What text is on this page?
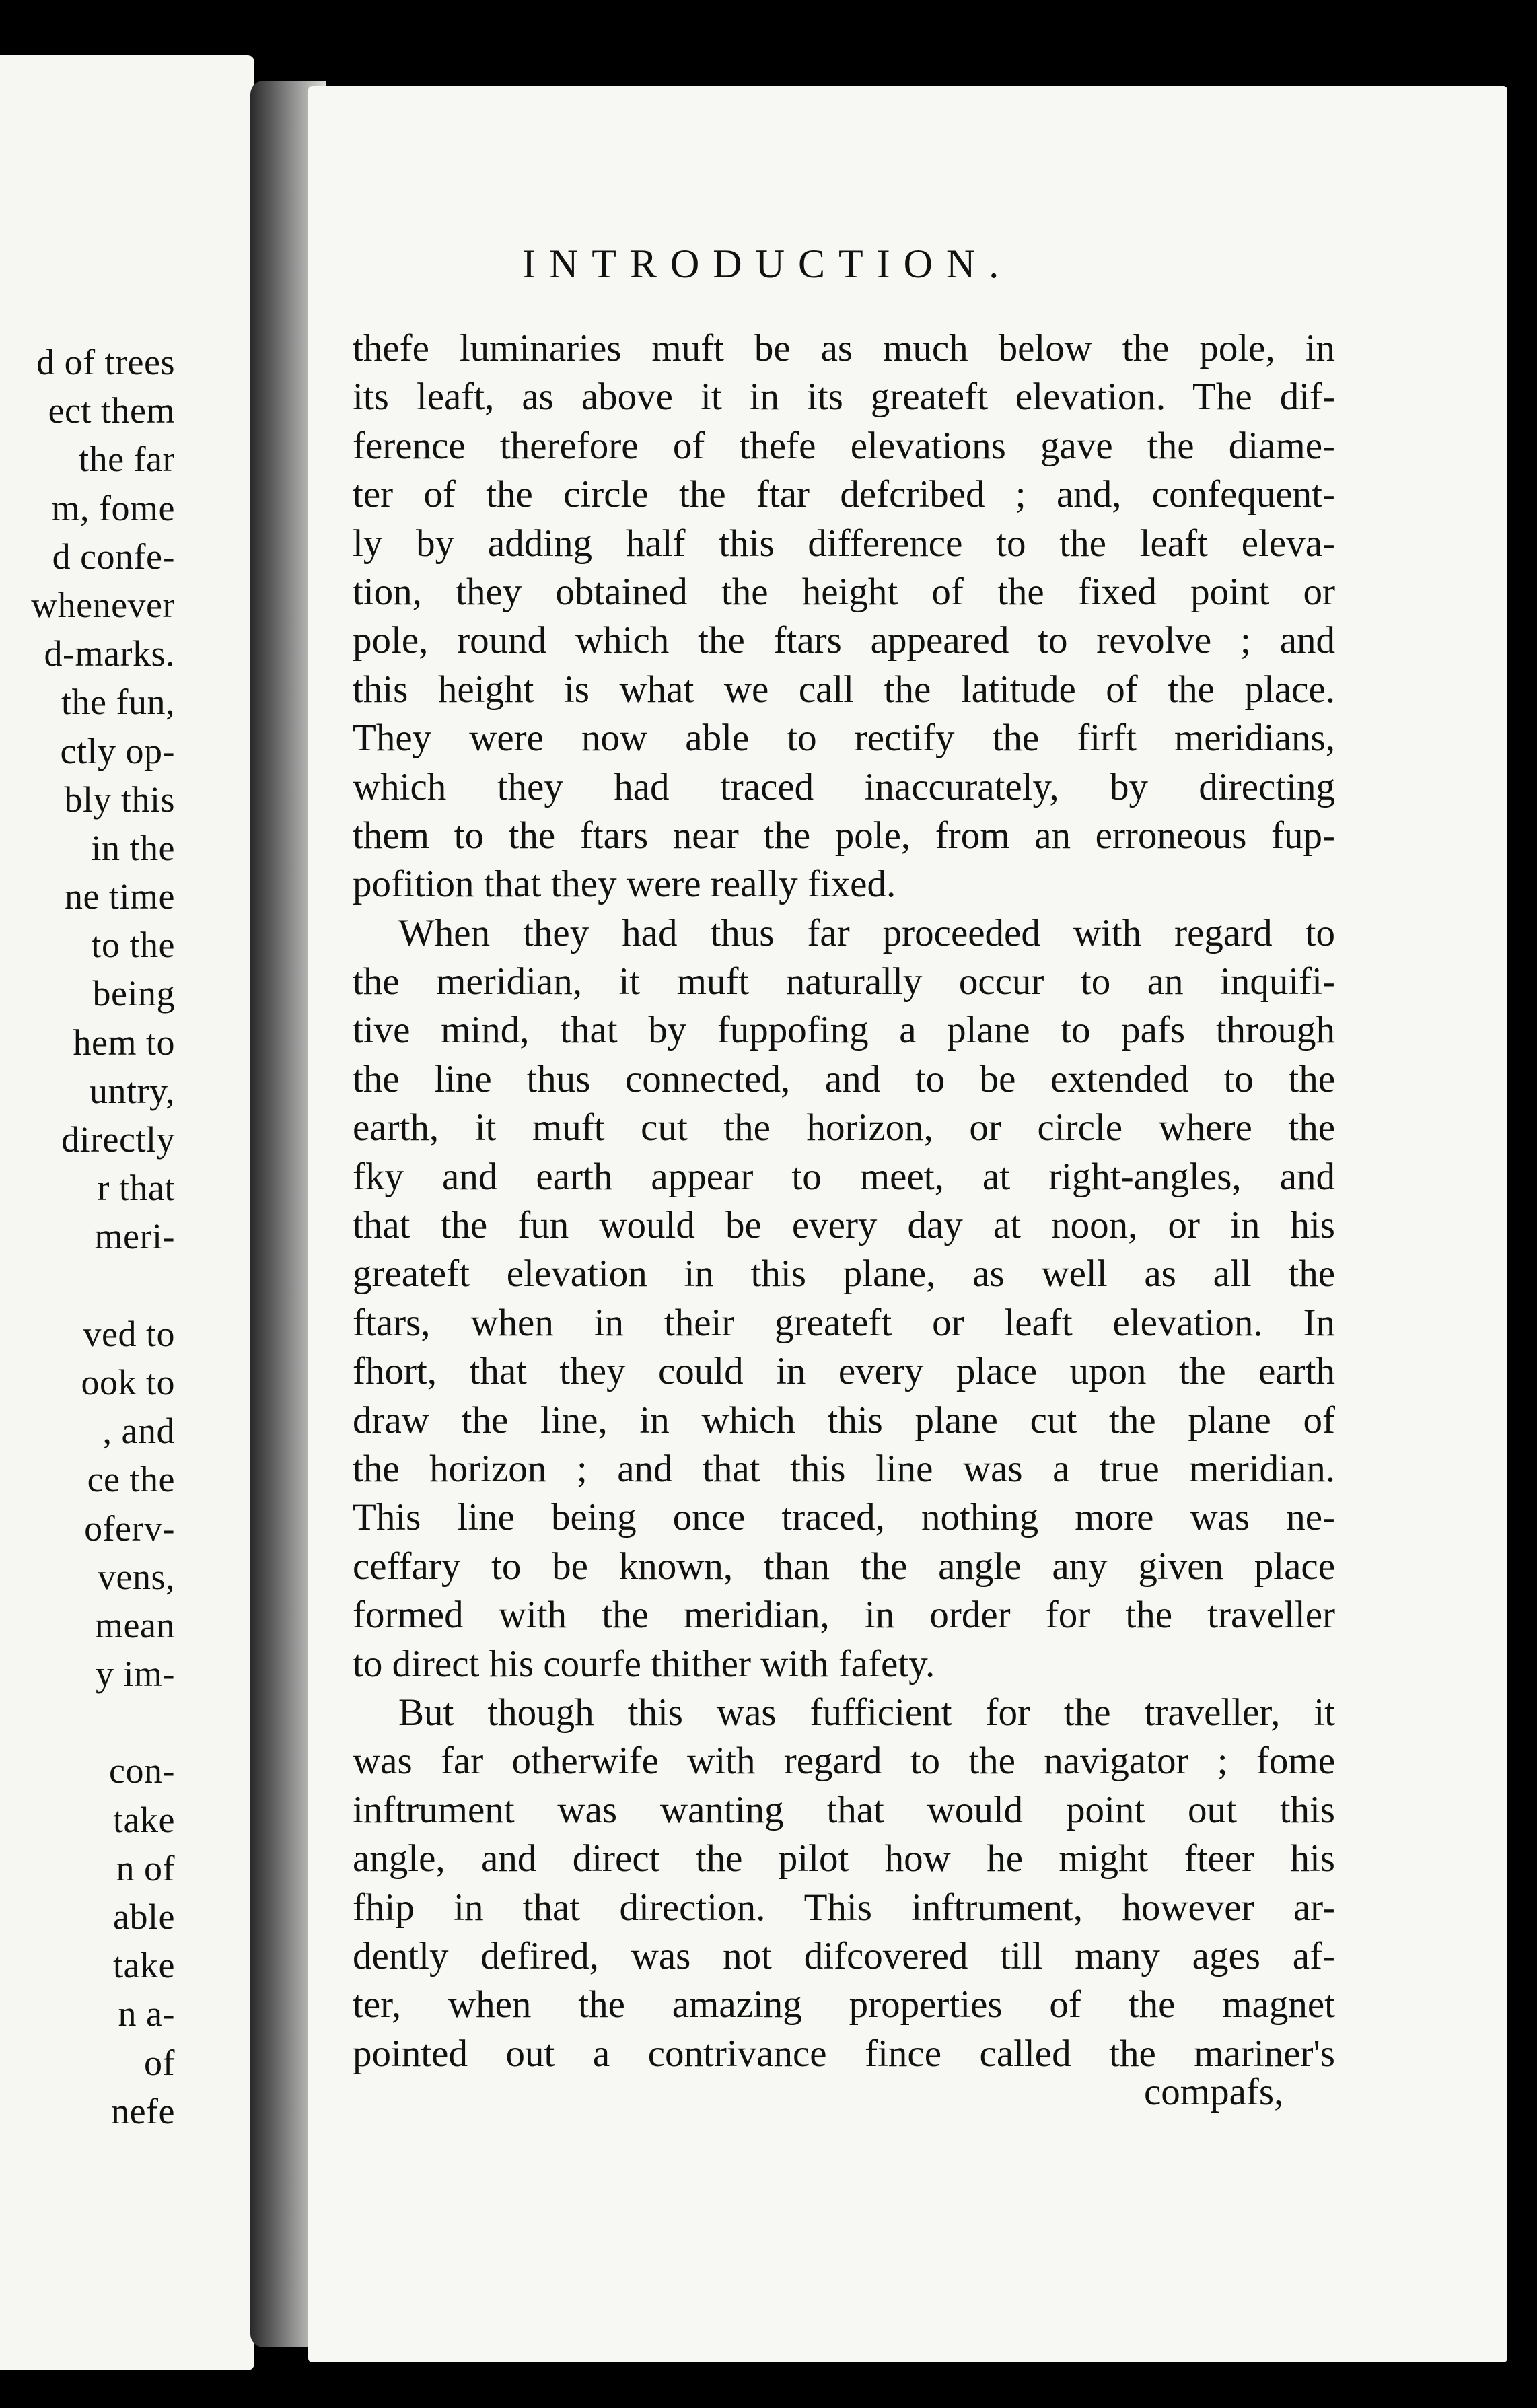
d of trees
ect them
the far
m, fome
d confe-
whenever
d-marks.
the fun,
ctly op-
bly this
in the
ne time
to the
being
hem to
untry,
directly
r that
meri-
ved to
ook to
, and
ce the
oferv-
vens,
mean
y im-
con-
take
n of
able
take
n a-
of
nefe
INTRODUCTION.
thefe luminaries muft be as much below the pole, in
its leaft, as above it in its greateft elevation. The dif-
ference therefore of thefe elevations gave the diame-
ter of the circle the ftar defcribed ; and, confequent-
ly by adding half this difference to the leaft eleva-
tion, they obtained the height of the fixed point or
pole, round which the ftars appeared to revolve ; and
this height is what we call the latitude of the place.
They were now able to rectify the firft meridians,
which they had traced inaccurately, by directing
them to the ftars near the pole, from an erroneous fup-
pofition that they were really fixed.
When they had thus far proceeded with regard to
the meridian, it muft naturally occur to an inquifi-
tive mind, that by fuppofing a plane to pafs through
the line thus connected, and to be extended to the
earth, it muft cut the horizon, or circle where the
fky and earth appear to meet, at right-angles, and
that the fun would be every day at noon, or in his
greateft elevation in this plane, as well as all the
ftars, when in their greateft or leaft elevation. In
fhort, that they could in every place upon the earth
draw the line, in which this plane cut the plane of
the horizon ; and that this line was a true meridian.
This line being once traced, nothing more was ne-
ceffary to be known, than the angle any given place
formed with the meridian, in order for the traveller
to direct his courfe thither with fafety.
But though this was fufficient for the traveller, it
was far otherwife with regard to the navigator ; fome
inftrument was wanting that would point out this
angle, and direct the pilot how he might fteer his
fhip in that direction. This inftrument, however ar-
dently defired, was not difcovered till many ages af-
ter, when the amazing properties of the magnet
pointed out a contrivance fince called the mariner's
compafs,
